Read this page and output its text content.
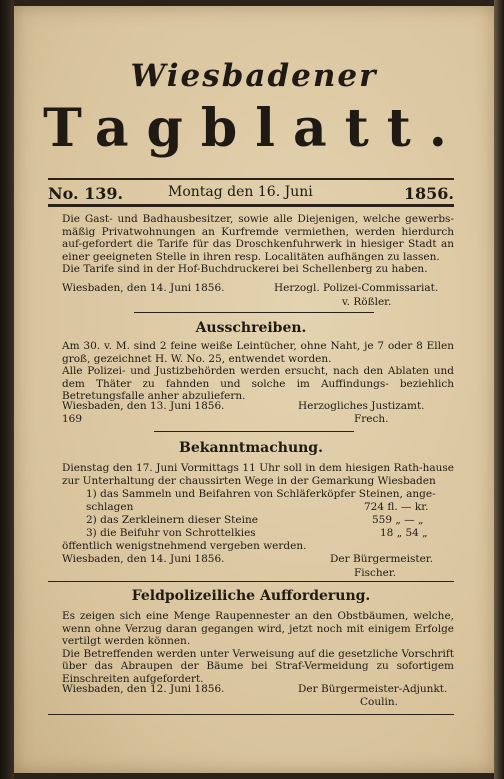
Wiesbadener
Tagblatt.
No. 139.	Montag den 16. Juni	1856.

Die Gast- und Badhausbesitzer, sowie alle Diejenigen, welche gewerbs-mäßig Privatwohnungen an Kurfremde vermiethen, werden hierdurch auf-gefordert die Tarife für das Droschkenfuhrwerk in hiesiger Stadt an einer geeigneten Stelle in ihren resp. Localitäten aufhängen zu lassen.

Die Tarife sind in der Hof-Buchdruckerei bei Schellenberg zu haben.

Wiesbaden, den 14. Juni 1856.	Herzogl. Polizei-Commissariat.
v. Rößler.
Ausschreiben.

Am 30. v. M. sind 2 feine weiße Leintücher, ohne Naht, je 7 oder 8 Ellen groß, gezeichnet H. W. No. 25, entwendet worden.

Alle Polizei- und Justizbehörden werden ersucht, nach den Ablaten und dem Thäter zu fahnden und solche im Auffindungs- beziehlich Betretungsfalle anher abzuliefern.

Wiesbaden, den 13. Juni 1856.	Herzogliches Justizamt.
169	Frech.
Bekanntmachung.

Dienstag den 17. Juni Vormittags 11 Uhr soll in dem hiesigen Rath-hause zur Unterhaltung der chaussirten Wege in der Gemarkung Wiesbaden

1) das Sammeln und Beifahren von Schläferköpfer Steinen, ange-
schlagen	724 fl. — kr.
2) das Zerkleinern dieser Steine	559 „ — „
3) die Beifuhr von Schrottelkies	18 „ 54 „
öffentlich wenigstnehmend vergeben werden.
Wiesbaden, den 14. Juni 1856.	Der Bürgermeister.
Fischer.
Feldpolizeiliche Aufforderung.

Es zeigen sich eine Menge Raupennester an den Obstbäumen, welche, wenn ohne Verzug daran gegangen wird, jetzt noch mit einigem Erfolge vertilgt werden können.

Die Betreffenden werden unter Verweisung auf die gesetzliche Vorschrift über das Abraupen der Bäume bei Straf-Vermeidung zu sofortigem Einschreiten aufgefordert.

Wiesbaden, den 12. Juni 1856.	Der Bürgermeister-Adjunkt.
Coulin.
